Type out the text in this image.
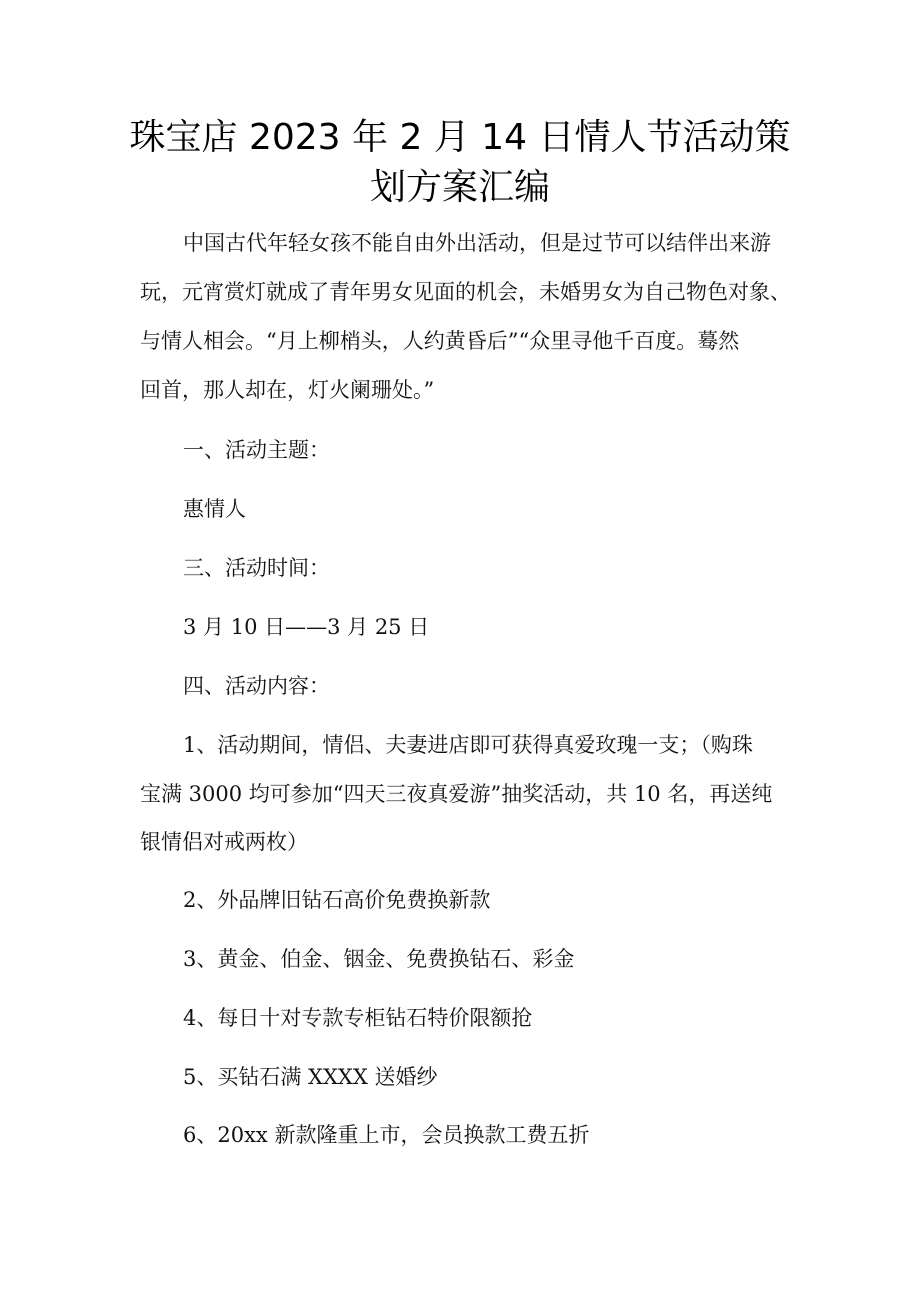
珠宝店 2023 年 2 月 14 日情人节活动策
划方案汇编
中国古代年轻女孩不能自由外出活动，但是过节可以结伴出来游
玩，元宵赏灯就成了青年男女见面的机会，未婚男女为自己物色对象、
与情人相会。“月上柳梢头，人约黄昏后”“众里寻他千百度。蓦然
回首，那人却在，灯火阑珊处。”
一、活动主题：
惠情人
三、活动时间：
3 月 10 日——3 月 25 日
四、活动内容：
1、活动期间，情侣、夫妻进店即可获得真爱玫瑰一支；（购珠
宝满 3000 均可参加“四天三夜真爱游”抽奖活动，共 10 名，再送纯
银情侣对戒两枚）
2、外品牌旧钻石高价免费换新款
3、黄金、伯金、铟金、免费换钻石、彩金
4、每日十对专款专柜钻石特价限额抢
5、买钻石满 XXXX 送婚纱
6、20xx 新款隆重上市，会员换款工费五折
